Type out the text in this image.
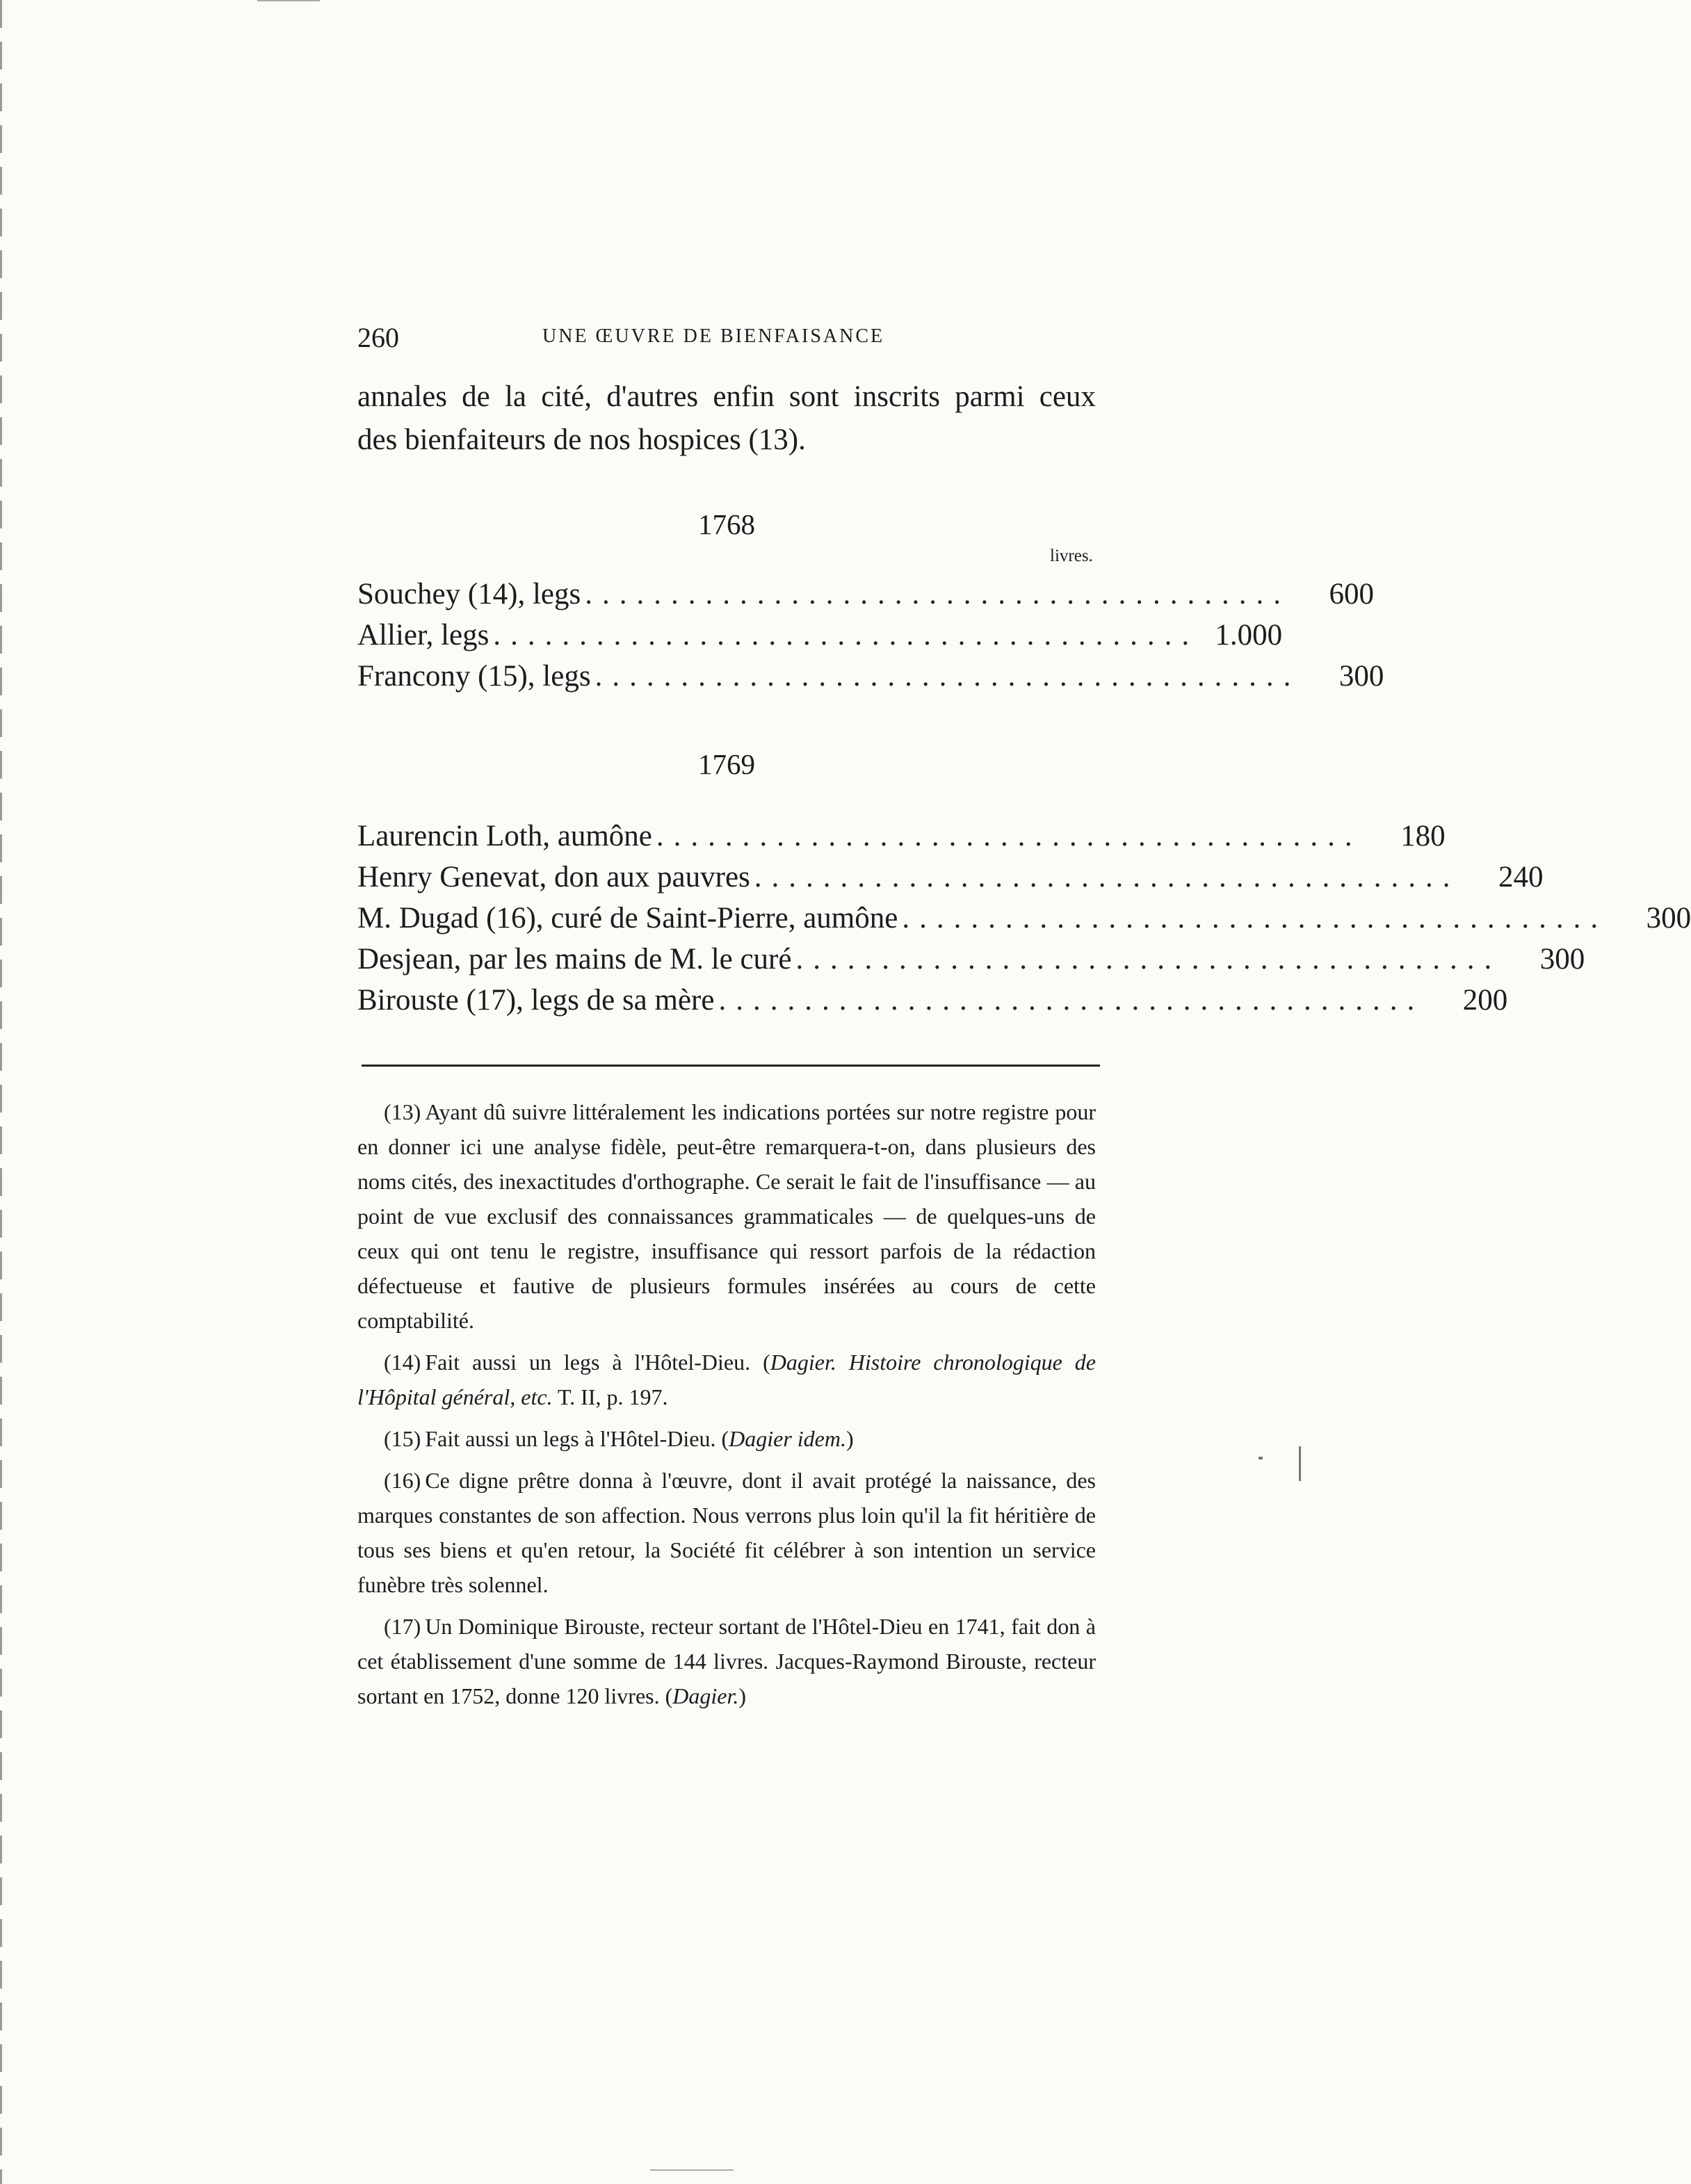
260	UNE ŒUVRE DE BIENFAISANCE
annales de la cité, d'autres enfin sont inscrits parmi ceux
des bienfaiteurs de nos hospices (13).
1768
livres.
Souchey (14), legs .........................................	600
Allier, legs ......................................... 1.000
Francony (15), legs .........................................	300
1769
Laurencin Loth, aumône .........................................	180
Henry Genevat, don aux pauvres .........................................	240
M. Dugad (16), curé de Saint-Pierre, aumône .........................................	300
Desjean, par les mains de M. le curé .........................................	300
Birouste (17), legs de sa mère .........................................	200

(13) Ayant dû suivre littéralement les indications portées sur notre registre pour en donner ici une analyse fidèle, peut-être remarquera-t-on, dans plusieurs des noms cités, des inexactitudes d'orthographe. Ce serait le fait de l'insuffisance — au point de vue exclusif des connaissances grammaticales — de quelques-uns de ceux qui ont tenu le registre, insuffisance qui ressort parfois de la rédaction défectueuse et fautive de plusieurs formules insérées au cours de cette comptabilité.

(14) Fait aussi un legs à l'Hôtel-Dieu. (Dagier. Histoire chronologique de l'Hôpital général, etc. T. II, p. 197.

(15) Fait aussi un legs à l'Hôtel-Dieu. (Dagier idem.)

(16) Ce digne prêtre donna à l'œuvre, dont il avait protégé la naissance, des marques constantes de son affection. Nous verrons plus loin qu'il la fit héritière de tous ses biens et qu'en retour, la Société fit célébrer à son intention un service funèbre très solennel.

(17) Un Dominique Birouste, recteur sortant de l'Hôtel-Dieu en 1741, fait don à cet établissement d'une somme de 144 livres. Jacques-Raymond Birouste, recteur sortant en 1752, donne 120 livres. (Dagier.)
